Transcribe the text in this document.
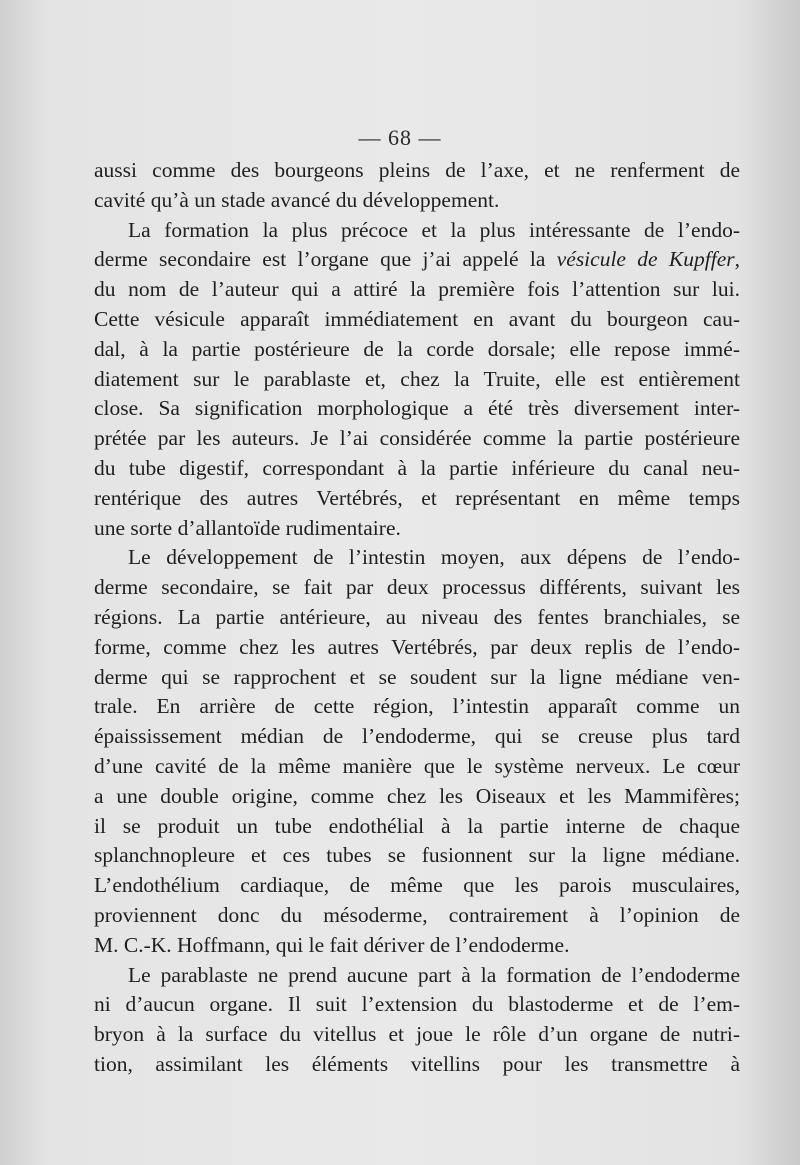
— 68 —
aussi comme des bourgeons pleins de l’axe, et ne renferment de
cavité qu’à un stade avancé du développement.
La formation la plus précoce et la plus intéressante de l’endo-
derme secondaire est l’organe que j’ai appelé la vésicule de Kupffer,
du nom de l’auteur qui a attiré la première fois l’attention sur lui.
Cette vésicule apparaît immédiatement en avant du bourgeon cau-
dal, à la partie postérieure de la corde dorsale; elle repose immé-
diatement sur le parablaste et, chez la Truite, elle est entièrement
close. Sa signification morphologique a été très diversement inter-
prétée par les auteurs. Je l’ai considérée comme la partie postérieure
du tube digestif, correspondant à la partie inférieure du canal neu-
rentérique des autres Vertébrés, et représentant en même temps
une sorte d’allantoïde rudimentaire.
Le développement de l’intestin moyen, aux dépens de l’endo-
derme secondaire, se fait par deux processus différents, suivant les
régions. La partie antérieure, au niveau des fentes branchiales, se
forme, comme chez les autres Vertébrés, par deux replis de l’endo-
derme qui se rapprochent et se soudent sur la ligne médiane ven-
trale. En arrière de cette région, l’intestin apparaît comme un
épaississement médian de l’endoderme, qui se creuse plus tard
d’une cavité de la même manière que le système nerveux. Le cœur
a une double origine, comme chez les Oiseaux et les Mammifères;
il se produit un tube endothélial à la partie interne de chaque
splanchnopleure et ces tubes se fusionnent sur la ligne médiane.
L’endothélium cardiaque, de même que les parois musculaires,
proviennent donc du mésoderme, contrairement à l’opinion de
M. C.-K. Hoffmann, qui le fait dériver de l’endoderme.
Le parablaste ne prend aucune part à la formation de l’endoderme
ni d’aucun organe. Il suit l’extension du blastoderme et de l’em-
bryon à la surface du vitellus et joue le rôle d’un organe de nutri-
tion, assimilant les éléments vitellins pour les transmettre à
